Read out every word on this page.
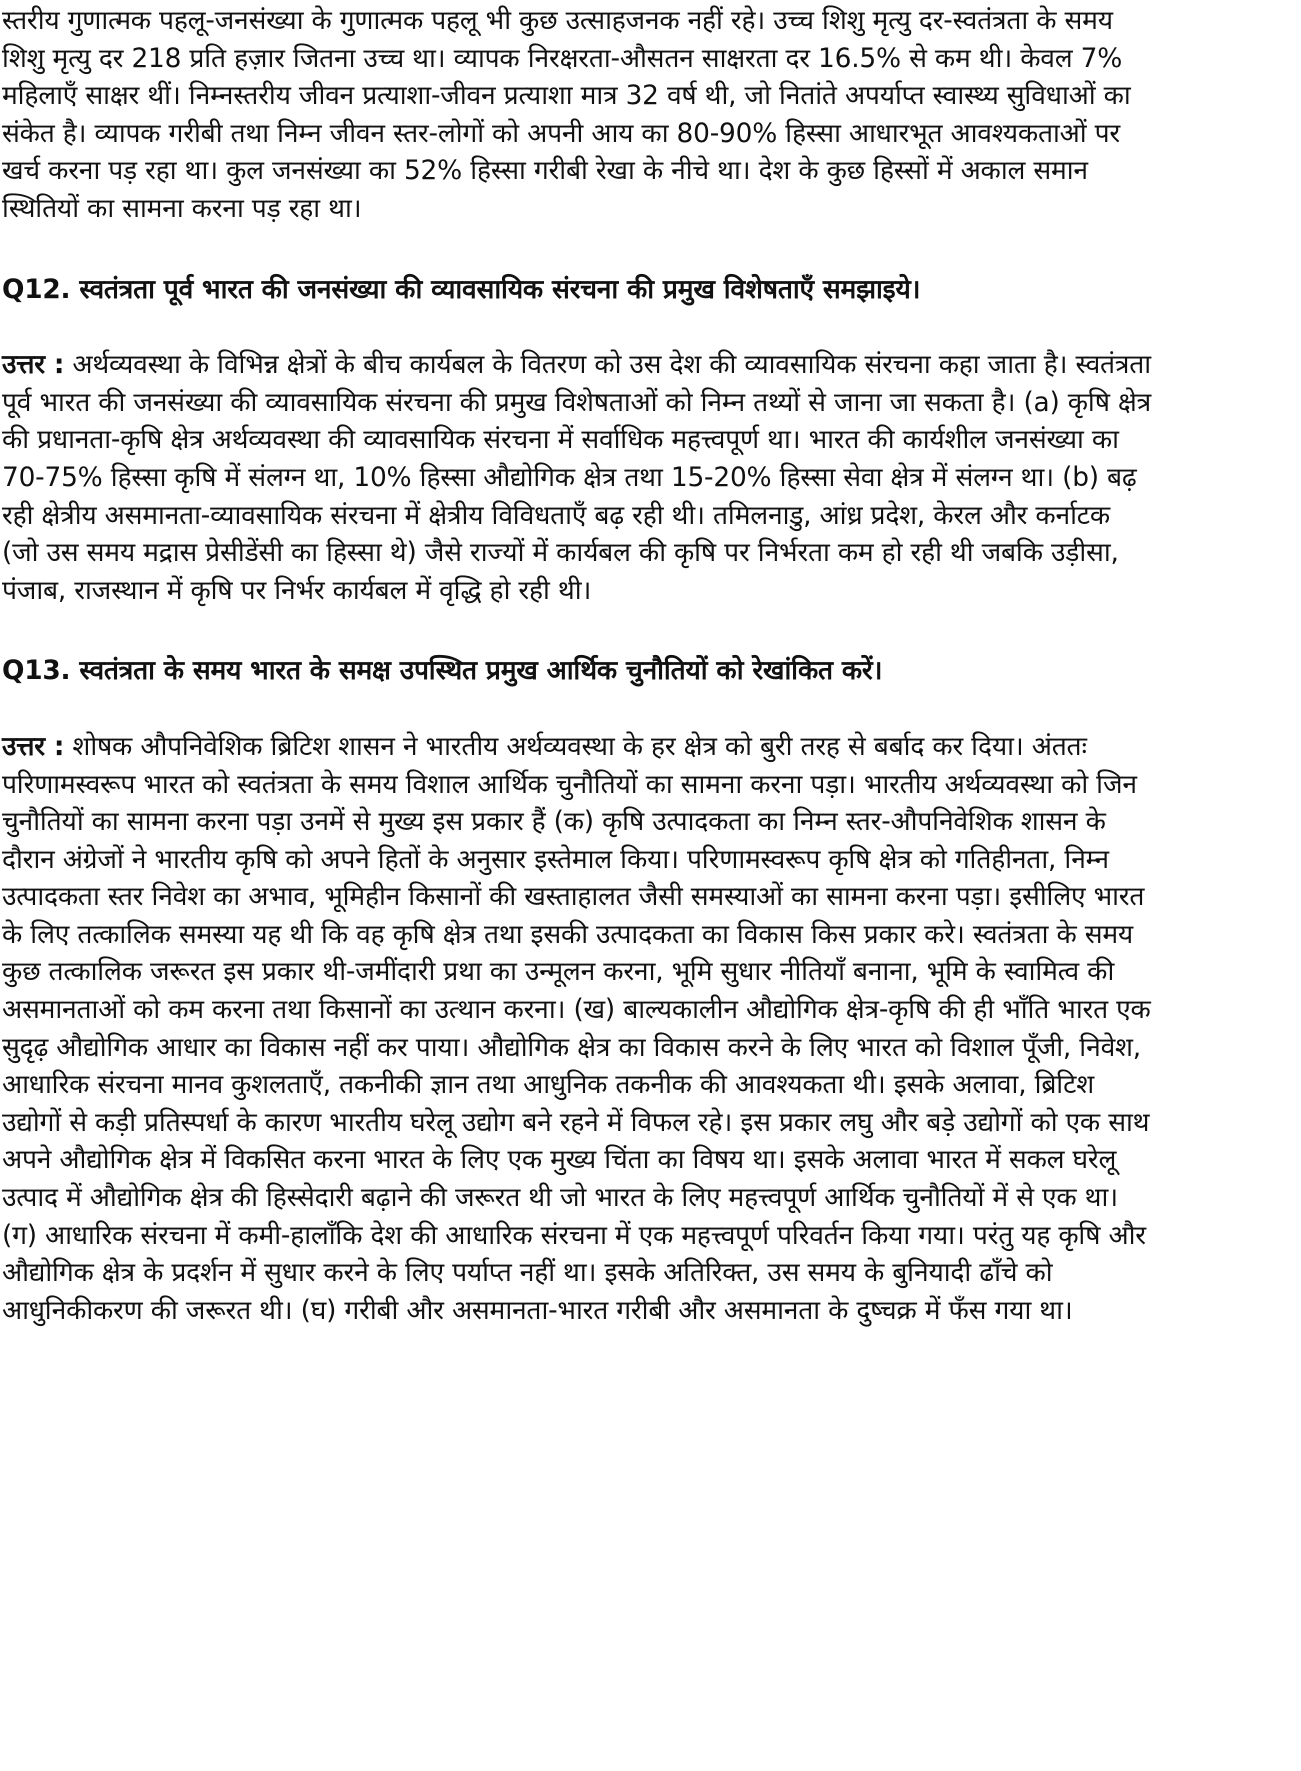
स्तरीय गुणात्मक पहलू-जनसंख्या के गुणात्मक पहलू भी कुछ उत्साहजनक नहीं रहे। उच्च शिशु मृत्यु दर-स्वतंत्रता के समय शिशु मृत्यु दर 218 प्रति हज़ार जितना उच्च था। व्यापक निरक्षरता-औसतन साक्षरता दर 16.5% से कम थी। केवल 7% महिलाएँ साक्षर थीं। निम्नस्तरीय जीवन प्रत्याशा-जीवन प्रत्याशा मात्र 32 वर्ष थी, जो नितांते अपर्याप्त स्वास्थ्य सुविधाओं का संकेत है। व्यापक गरीबी तथा निम्न जीवन स्तर-लोगों को अपनी आय का 80-90% हिस्सा आधारभूत आवश्यकताओं पर खर्च करना पड़ रहा था। कुल जनसंख्या का 52% हिस्सा गरीबी रेखा के नीचे था। देश के कुछ हिस्सों में अकाल समान स्थितियों का सामना करना पड़ रहा था।

Q12. स्वतंत्रता पूर्व भारत की जनसंख्या की व्यावसायिक संरचना की प्रमुख विशेषताएँ समझाइये।

उत्तर : अर्थव्यवस्था के विभिन्न क्षेत्रों के बीच कार्यबल के वितरण को उस देश की व्यावसायिक संरचना कहा जाता है। स्वतंत्रता पूर्व भारत की जनसंख्या की व्यावसायिक संरचना की प्रमुख विशेषताओं को निम्न तथ्यों से जाना जा सकता है। (a) कृषि क्षेत्र की प्रधानता-कृषि क्षेत्र अर्थव्यवस्था की व्यावसायिक संरचना में सर्वाधिक महत्त्वपूर्ण था। भारत की कार्यशील जनसंख्या का 70-75% हिस्सा कृषि में संलग्न था, 10% हिस्सा औद्योगिक क्षेत्र तथा 15-20% हिस्सा सेवा क्षेत्र में संलग्न था। (b) बढ़ रही क्षेत्रीय असमानता-व्यावसायिक संरचना में क्षेत्रीय विविधताएँ बढ़ रही थी। तमिलनाडु, आंध्र प्रदेश, केरल और कर्नाटक (जो उस समय मद्रास प्रेसीडेंसी का हिस्सा थे) जैसे राज्यों में कार्यबल की कृषि पर निर्भरता कम हो रही थी जबकि उड़ीसा, पंजाब, राजस्थान में कृषि पर निर्भर कार्यबल में वृद्धि हो रही थी।

Q13. स्वतंत्रता के समय भारत के समक्ष उपस्थित प्रमुख आर्थिक चुनौतियों को रेखांकित करें।

उत्तर : शोषक औपनिवेशिक ब्रिटिश शासन ने भारतीय अर्थव्यवस्था के हर क्षेत्र को बुरी तरह से बर्बाद कर दिया। अंततः परिणामस्वरूप भारत को स्वतंत्रता के समय विशाल आर्थिक चुनौतियों का सामना करना पड़ा। भारतीय अर्थव्यवस्था को जिन चुनौतियों का सामना करना पड़ा उनमें से मुख्य इस प्रकार हैं (क) कृषि उत्पादकता का निम्न स्तर-औपनिवेशिक शासन के दौरान अंग्रेजों ने भारतीय कृषि को अपने हितों के अनुसार इस्तेमाल किया। परिणामस्वरूप कृषि क्षेत्र को गतिहीनता, निम्न उत्पादकता स्तर निवेश का अभाव, भूमिहीन किसानों की खस्ताहालत जैसी समस्याओं का सामना करना पड़ा। इसीलिए भारत के लिए तत्कालिक समस्या यह थी कि वह कृषि क्षेत्र तथा इसकी उत्पादकता का विकास किस प्रकार करे। स्वतंत्रता के समय कुछ तत्कालिक जरूरत इस प्रकार थी-जमींदारी प्रथा का उन्मूलन करना, भूमि सुधार नीतियाँ बनाना, भूमि के स्वामित्व की असमानताओं को कम करना तथा किसानों का उत्थान करना। (ख) बाल्यकालीन औद्योगिक क्षेत्र-कृषि की ही भाँति भारत एक सुदृढ़ औद्योगिक आधार का विकास नहीं कर पाया। औद्योगिक क्षेत्र का विकास करने के लिए भारत को विशाल पूँजी, निवेश, आधारिक संरचना मानव कुशलताएँ, तकनीकी ज्ञान तथा आधुनिक तकनीक की आवश्यकता थी। इसके अलावा, ब्रिटिश उद्योगों से कड़ी प्रतिस्पर्धा के कारण भारतीय घरेलू उद्योग बने रहने में विफल रहे। इस प्रकार लघु और बड़े उद्योगों को एक साथ अपने औद्योगिक क्षेत्र में विकसित करना भारत के लिए एक मुख्य चिंता का विषय था। इसके अलावा भारत में सकल घरेलू उत्पाद में औद्योगिक क्षेत्र की हिस्सेदारी बढ़ाने की जरूरत थी जो भारत के लिए महत्त्वपूर्ण आर्थिक चुनौतियों में से एक था। (ग) आधारिक संरचना में कमी-हालाँकि देश की आधारिक संरचना में एक महत्त्वपूर्ण परिवर्तन किया गया। परंतु यह कृषि और औद्योगिक क्षेत्र के प्रदर्शन में सुधार करने के लिए पर्याप्त नहीं था। इसके अतिरिक्त, उस समय के बुनियादी ढाँचे को आधुनिकीकरण की जरूरत थी। (घ) गरीबी और असमानता-भारत गरीबी और असमानता के दुष्चक्र में फँस गया था।
